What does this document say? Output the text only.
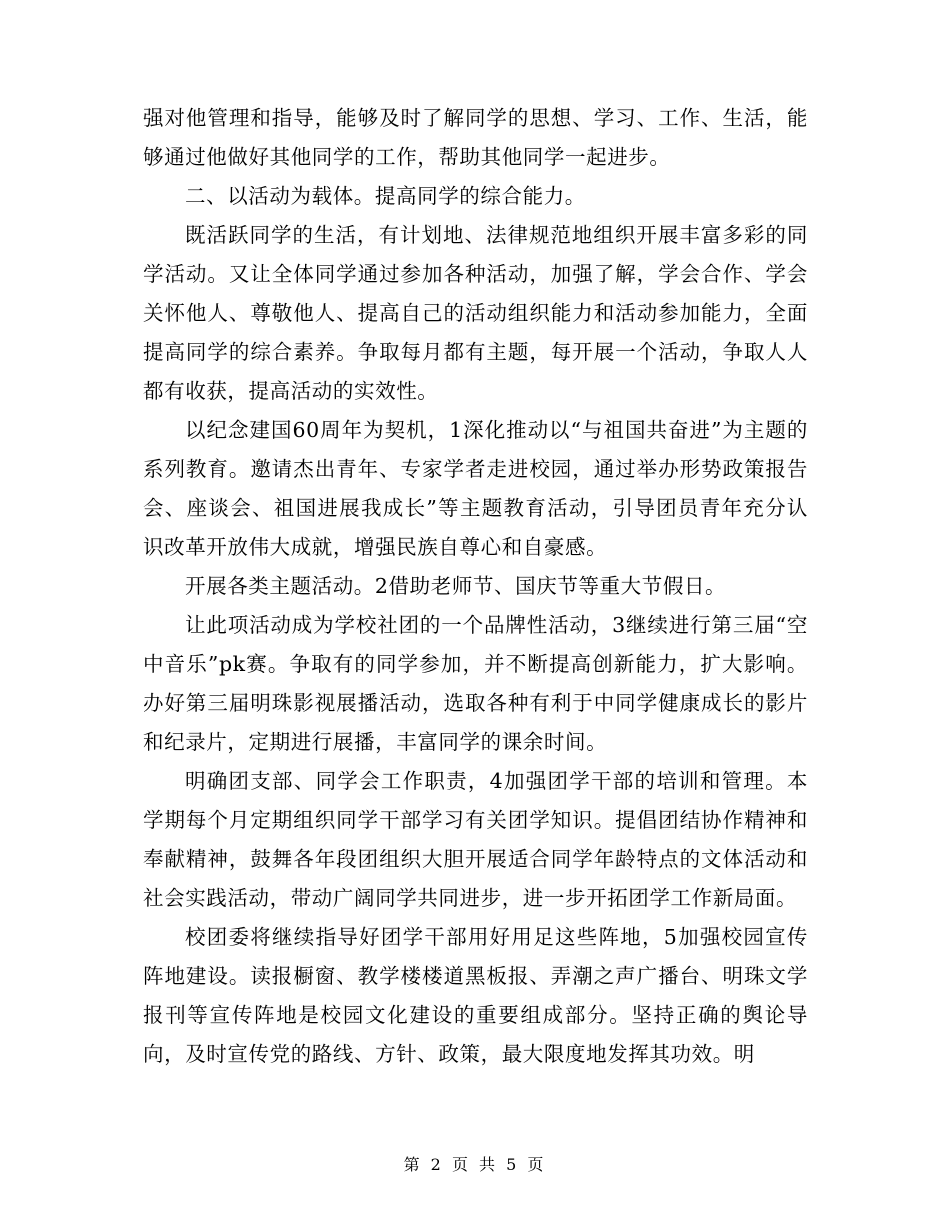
强对他管理和指导，能够及时了解同学的思想、学习、工作、生活，能够通过他做好其他同学的工作，帮助其他同学一起进步。

二、以活动为载体。提高同学的综合能力。

既活跃同学的生活，有计划地、法律规范地组织开展丰富多彩的同学活动。又让全体同学通过参加各种活动，加强了解，学会合作、学会关怀他人、尊敬他人、提高自己的活动组织能力和活动参加能力，全面提高同学的综合素养。争取每月都有主题，每开展一个活动，争取人人都有收获，提高活动的实效性。

以纪念建国60周年为契机，1深化推动以“与祖国共奋进”为主题的系列教育。邀请杰出青年、专家学者走进校园，通过举办形势政策报告会、座谈会、祖国进展我成长”等主题教育活动，引导团员青年充分认识改革开放伟大成就，增强民族自尊心和自豪感。

开展各类主题活动。2借助老师节、国庆节等重大节假日。

让此项活动成为学校社团的一个品牌性活动，3继续进行第三届“空中音乐”pk赛。争取有的同学参加，并不断提高创新能力，扩大影响。办好第三届明珠影视展播活动，选取各种有利于中同学健康成长的影片和纪录片，定期进行展播，丰富同学的课余时间。

明确团支部、同学会工作职责，4加强团学干部的培训和管理。本学期每个月定期组织同学干部学习有关团学知识。提倡团结协作精神和奉献精神，鼓舞各年段团组织大胆开展适合同学年龄特点的文体活动和社会实践活动，带动广阔同学共同进步，进一步开拓团学工作新局面。

校团委将继续指导好团学干部用好用足这些阵地，5加强校园宣传阵地建设。读报橱窗、教学楼楼道黑板报、弄潮之声广播台、明珠文学报刊等宣传阵地是校园文化建设的重要组成部分。坚持正确的舆论导向，及时宣传党的路线、方针、政策，最大限度地发挥其功效。明

第 2 页 共 5 页
